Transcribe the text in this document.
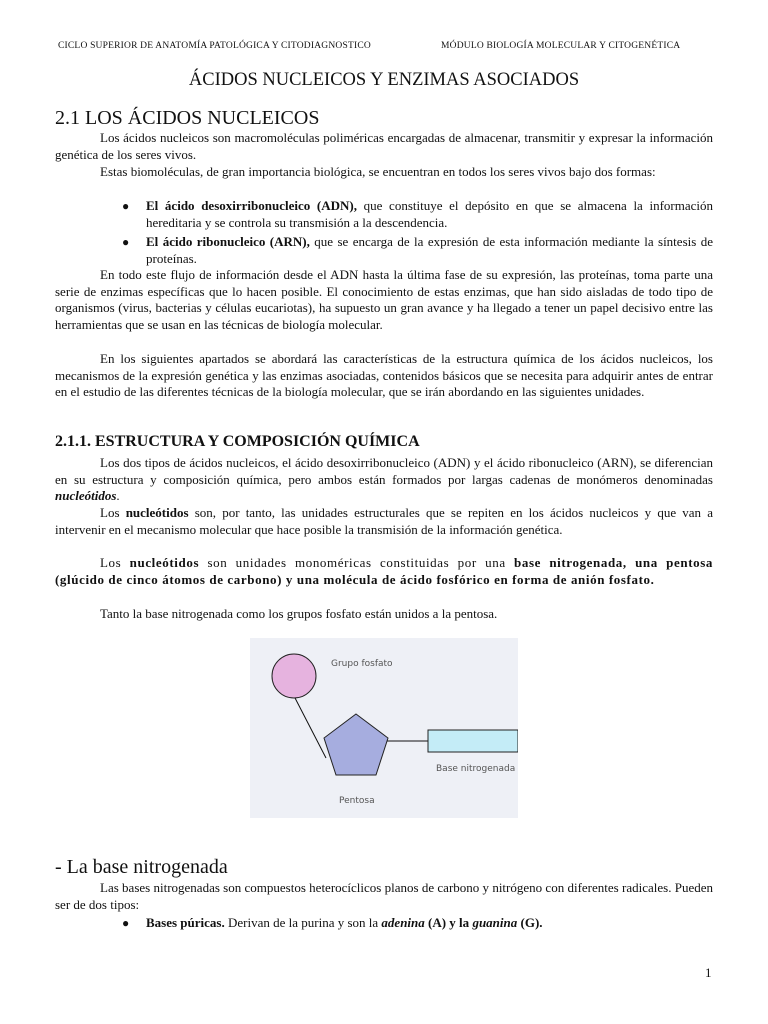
CICLO SUPERIOR DE ANATOMÍA PATOLÓGICA Y CITODIAGNOSTICO	MÓDULO BIOLOGÍA MOLECULAR Y CITOGENÉTICA
ÁCIDOS NUCLEICOS Y ENZIMAS ASOCIADOS
2.1 LOS ÁCIDOS NUCLEICOS

Los ácidos nucleicos son macromoléculas poliméricas encargadas de almacenar, transmitir y expresar la información genética de los seres vivos.

Estas biomoléculas, de gran importancia biológica, se encuentran en todos los seres vivos bajo dos formas:

● El ácido desoxirribonucleico (ADN), que constituye el depósito en que se almacena la información hereditaria y se controla su transmisión a la descendencia.
● El ácido ribonucleico (ARN), que se encarga de la expresión de esta información mediante la síntesis de proteínas.

En todo este flujo de información desde el ADN hasta la última fase de su expresión, las proteínas, toma parte una serie de enzimas específicas que lo hacen posible. El conocimiento de estas enzimas, que han sido aisladas de todo tipo de organismos (virus, bacterias y células eucariotas), ha supuesto un gran avance y ha llegado a tener un papel decisivo entre las herramientas que se usan en las técnicas de biología molecular.

En los siguientes apartados se abordará las características de la estructura química de los ácidos nucleicos, los mecanismos de la expresión genética y las enzimas asociadas, contenidos básicos que se necesita para adquirir antes de entrar en el estudio de las diferentes técnicas de la biología molecular, que se irán abordando en las siguientes unidades.

2.1.1. ESTRUCTURA Y COMPOSICIÓN QUÍMICA

Los dos tipos de ácidos nucleicos, el ácido desoxirribonucleico (ADN) y el ácido ribonucleico (ARN), se diferencian en su estructura y composición química, pero ambos están formados por largas cadenas de monómeros denominadas nucleótidos.

Los nucleótidos son, por tanto, las unidades estructurales que se repiten en los ácidos nucleicos y que van a intervenir en el mecanismo molecular que hace posible la transmisión de la información genética.

Los nucleótidos son unidades monoméricas constituidas por una base nitrogenada, una pentosa (glúcido de cinco átomos de carbono) y una molécula de ácido fosfórico en forma de anión fosfato.

Tanto la base nitrogenada como los grupos fosfato están unidos a la pentosa.

Grupo fosfato
Base nitrogenada
Pentosa
- La base nitrogenada

Las bases nitrogenadas son compuestos heterocíclicos planos de carbono y nitrógeno con diferentes radicales. Pueden ser de dos tipos:

● Bases púricas. Derivan de la purina y son la adenina (A) y la guanina (G).
1
